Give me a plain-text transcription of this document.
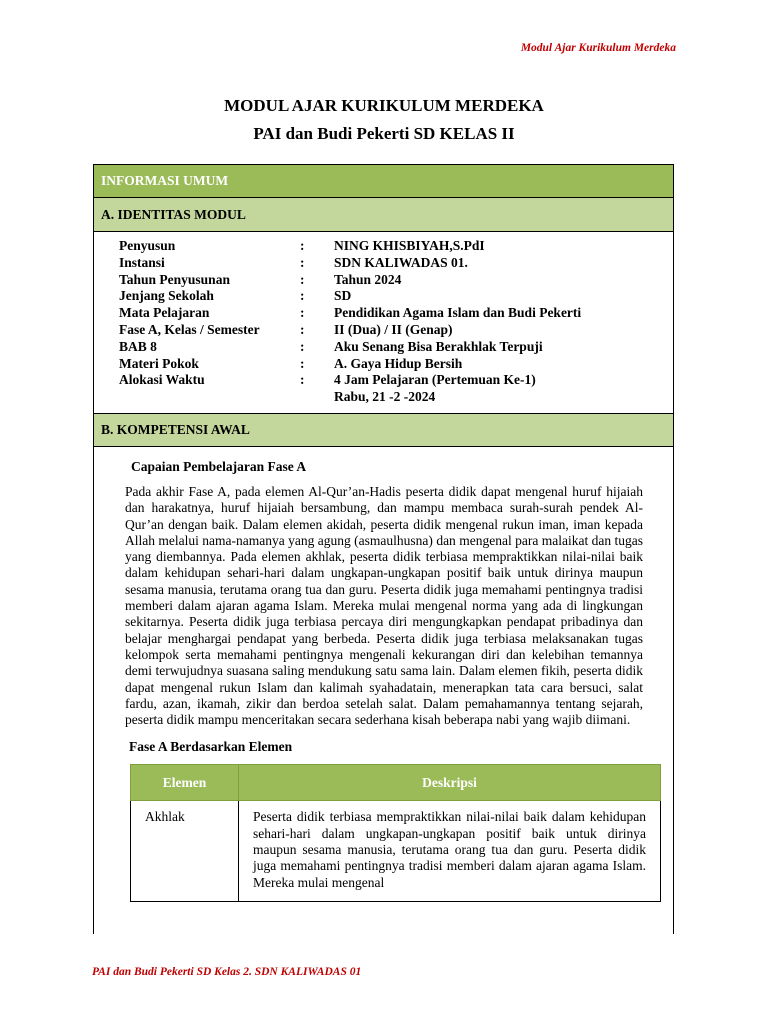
Modul Ajar Kurikulum Merdeka
MODUL AJAR KURIKULUM MERDEKA
PAI dan Budi Pekerti SD KELAS II
INFORMASI UMUM
A. IDENTITAS MODUL
Penyusun	:	NING KHISBIYAH,S.PdI
Instansi	:	SDN KALIWADAS 01.
Tahun Penyusunan	:	Tahun 2024
Jenjang Sekolah	:	SD
Mata Pelajaran	:	Pendidikan Agama Islam dan Budi Pekerti
Fase A, Kelas / Semester	:	II (Dua) / II (Genap)
BAB 8	:	Aku Senang Bisa Berakhlak Terpuji
Materi Pokok	:	A. Gaya Hidup Bersih
Alokasi Waktu	:	4 Jam Pelajaran (Pertemuan Ke-1)
Rabu, 21 -2 -2024
B. KOMPETENSI AWAL
Capaian Pembelajaran Fase A

Pada akhir Fase A, pada elemen Al-Qur’an-Hadis peserta didik dapat mengenal huruf hijaiah dan harakatnya, huruf hijaiah bersambung, dan mampu membaca surah-surah pendek Al-Qur’an dengan baik. Dalam elemen akidah, peserta didik mengenal rukun iman, iman kepada Allah melalui nama-namanya yang agung (asmaulhusna) dan mengenal para malaikat dan tugas yang diembannya. Pada elemen akhlak, peserta didik terbiasa mempraktikkan nilai-nilai baik dalam kehidupan sehari-hari dalam ungkapan-ungkapan positif baik untuk dirinya maupun sesama manusia, terutama orang tua dan guru. Peserta didik juga memahami pentingnya tradisi memberi dalam ajaran agama Islam. Mereka mulai mengenal norma yang ada di lingkungan sekitarnya. Peserta didik juga terbiasa percaya diri mengungkapkan pendapat pribadinya dan belajar menghargai pendapat yang berbeda. Peserta didik juga terbiasa melaksanakan tugas kelompok serta memahami pentingnya mengenali kekurangan diri dan kelebihan temannya demi terwujudnya suasana saling mendukung satu sama lain. Dalam elemen fikih, peserta didik dapat mengenal rukun Islam dan kalimah syahadatain, menerapkan tata cara bersuci, salat fardu, azan, ikamah, zikir dan berdoa setelah salat. Dalam pemahamannya tentang sejarah, peserta didik mampu menceritakan secara sederhana kisah beberapa nabi yang wajib diimani.

Fase A Berdasarkan Elemen
Elemen	Deskripsi
Akhlak	Peserta didik terbiasa mempraktikkan nilai-nilai baik dalam kehidupan sehari-hari dalam ungkapan-ungkapan positif baik untuk dirinya maupun sesama manusia, terutama orang tua dan guru. Peserta didik juga memahami pentingnya tradisi memberi dalam ajaran agama Islam. Mereka mulai mengenal
PAI dan Budi Pekerti SD Kelas 2. SDN KALIWADAS 01
